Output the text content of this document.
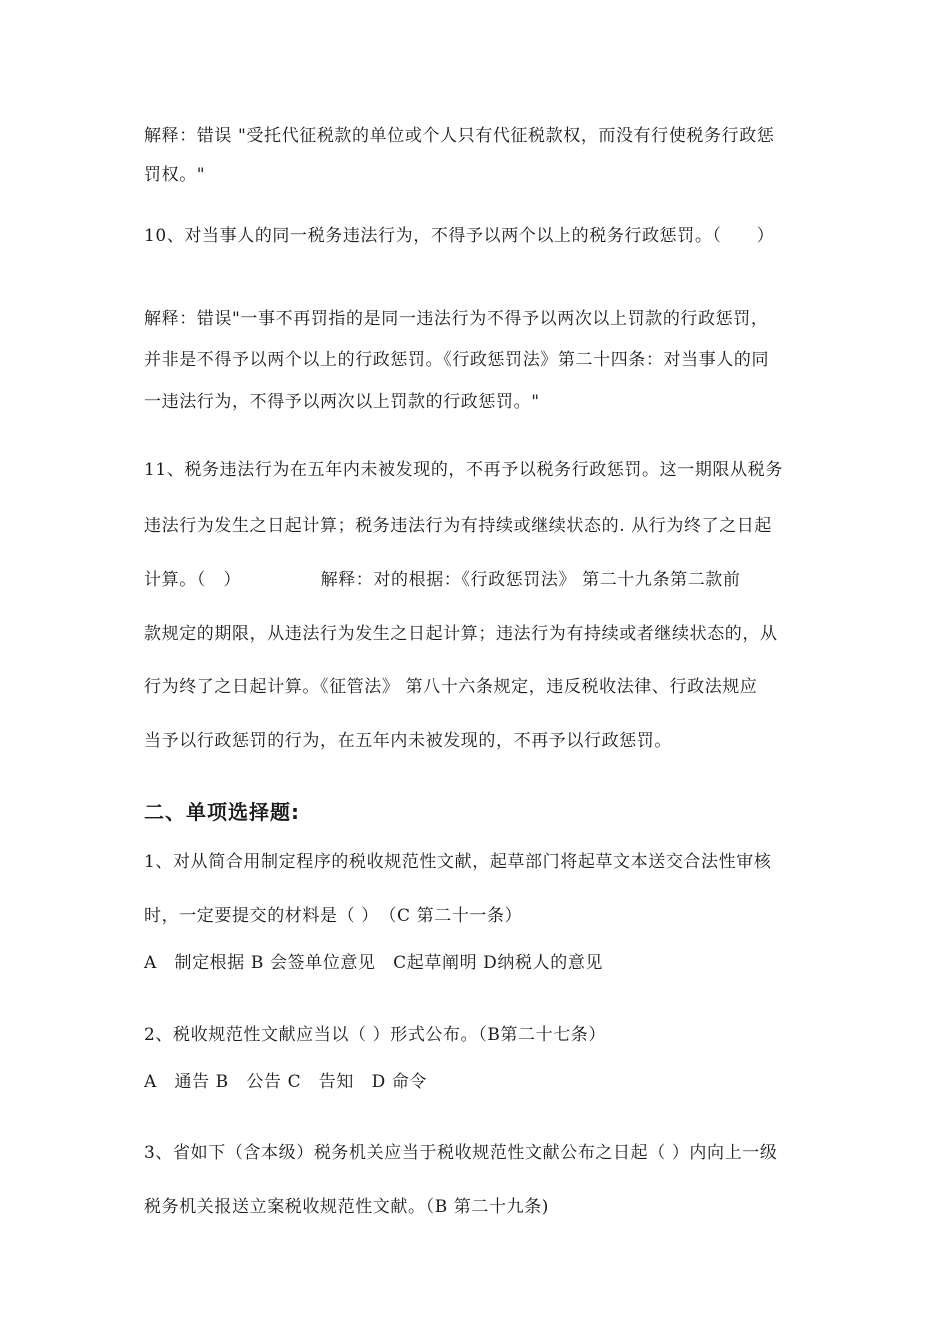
解释：错误 "受托代征税款的单位或个人只有代征税款权，而没有行使税务行政惩
罚权。"
10、对当事人的同一税务违法行为，不得予以两个以上的税务行政惩罚。（　　）
解释：错误"一事不再罚指的是同一违法行为不得予以两次以上罚款的行政惩罚，
并非是不得予以两个以上的行政惩罚。《行政惩罚法》第二十四条：对当事人的同
一违法行为，不得予以两次以上罚款的行政惩罚。"
11、税务违法行为在五年内未被发现的，不再予以税务行政惩罚。这一期限从税务
违法行为发生之日起计算；税务违法行为有持续或继续状态的. 从行为终了之日起
计算。（　）　　　　　解释：对的根据：《行政惩罚法》 第二十九条第二款前
款规定的期限，从违法行为发生之日起计算；违法行为有持续或者继续状态的，从
行为终了之日起计算。《征管法》 第八十六条规定，违反税收法律、行政法规应
当予以行政惩罚的行为，在五年内未被发现的，不再予以行政惩罚。
二、单项选择题:
1、对从简合用制定程序的税收规范性文献，起草部门将起草文本送交合法性审核
时，一定要提交的材料是（ ）　（C 第二十一条）
A　制定根据 B 会签单位意见　C起草阐明 D纳税人的意见
2、税收规范性文献应当以（ ）形式公布。（B第二十七条）
A　通告 B　公告 C　告知　D 命令
3、省如下（含本级）税务机关应当于税收规范性文献公布之日起（ ）内向上一级
税务机关报送立案税收规范性文献。（B 第二十九条)
